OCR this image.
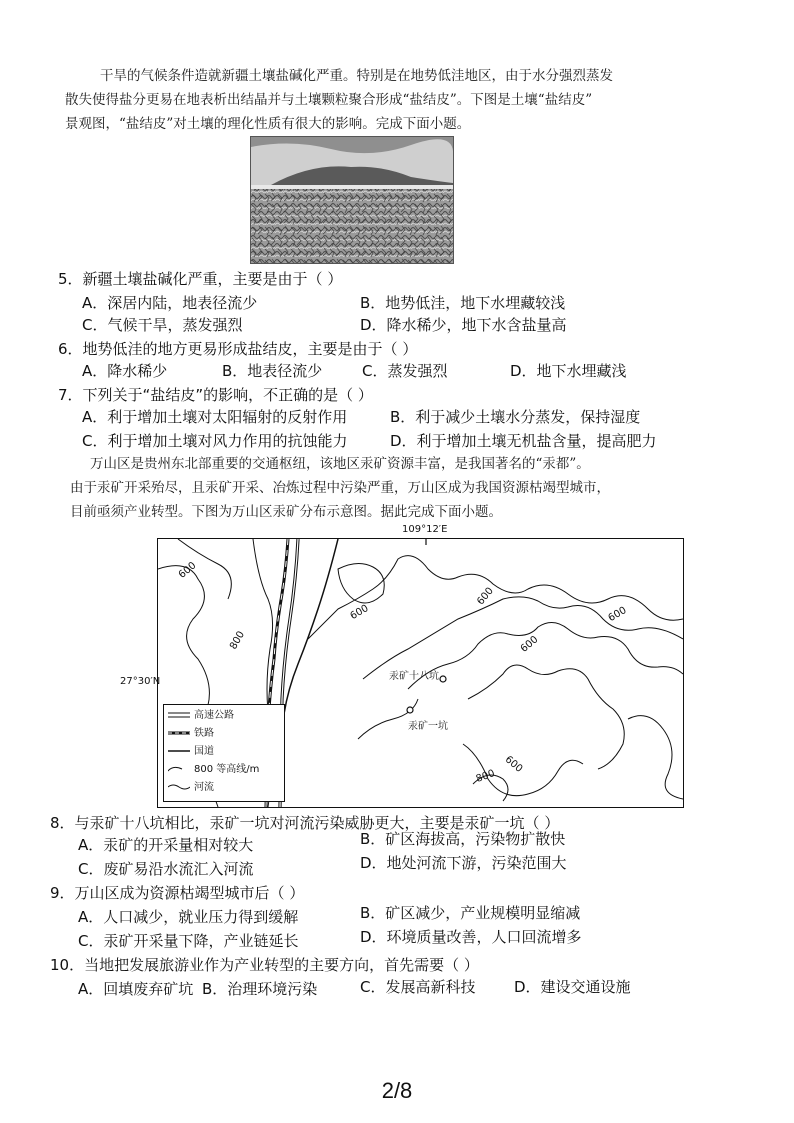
干旱的气候条件造就新疆土壤盐碱化严重。特别是在地势低洼地区，由于水分强烈蒸发
散失使得盐分更易在地表析出结晶并与土壤颗粒聚合形成“盐结皮”。下图是土壤“盐结皮”
景观图，“盐结皮”对土壤的理化性质有很大的影响。完成下面小题。
5．新疆土壤盐碱化严重，主要是由于（ ）
A．深居内陆，地表径流少	B．地势低洼，地下水埋藏较浅
C．气候干旱，蒸发强烈	D．降水稀少，地下水含盐量高
6．地势低洼的地方更易形成盐结皮，主要是由于（ ）
A．降水稀少	B．地表径流少	C．蒸发强烈	D．地下水埋藏浅
7．下列关于“盐结皮”的影响，不正确的是（ ）
A．利于增加土壤对太阳辐射的反射作用	B．利于减少土壤水分蒸发，保持湿度
C．利于增加土壤对风力作用的抗蚀能力	D．利于增加土壤无机盐含量，提高肥力
万山区是贵州东北部重要的交通枢纽，该地区汞矿资源丰富，是我国著名的“汞都”。
由于汞矿开采殆尽，且汞矿开采、冶炼过程中污染严重，万山区成为我国资源枯竭型城市，
目前亟须产业转型。下图为万山区汞矿分布示意图。据此完成下面小题。
600
800
600
600
600
600
800
600
汞矿十八坑
汞矿一坑
109°12′E
27°30′N
高速公路
铁路
国道
800 等高线/m
河流
8．与汞矿十八坑相比，汞矿一坑对河流污染威胁更大，主要是汞矿一坑（ ）
A．汞矿的开采量相对较大	B．矿区海拔高，污染物扩散快
C．废矿易沿水流汇入河流	D．地处河流下游，污染范围大
9．万山区成为资源枯竭型城市后（ ）
A．人口减少，就业压力得到缓解	B．矿区减少，产业规模明显缩减
C．汞矿开采量下降，产业链延长	D．环境质量改善，人口回流增多
10．当地把发展旅游业作为产业转型的主要方向，首先需要（ ）
A．回填废弃矿坑 B．治理环境污染	C．发展高新科技	D．建设交通设施
2/8
